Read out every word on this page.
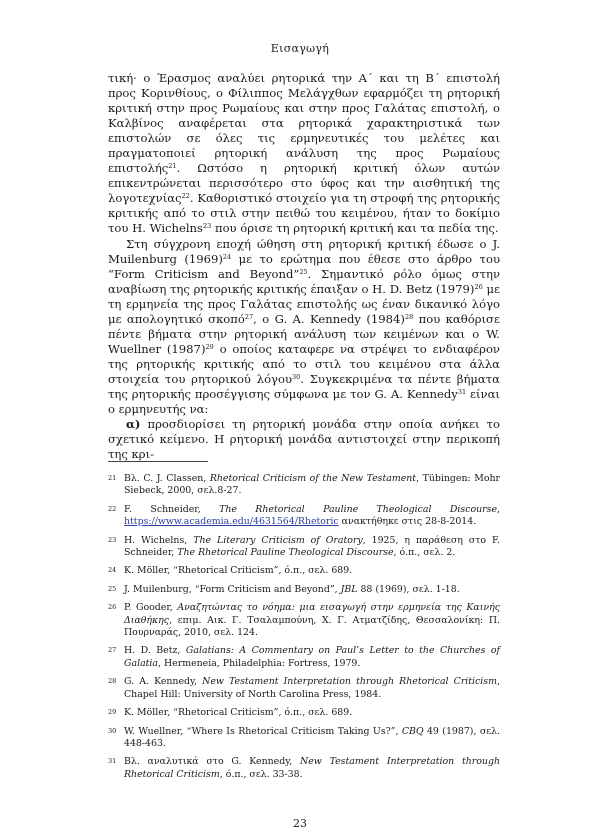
Εισαγωγή

τική· ο Έρασμος αναλύει ρητορικά την Α΄ και τη Β΄ επιστολή προς Κορινθίους, ο Φίλιππος Μελάγχθων εφαρμόζει τη ρητορική κριτική στην προς Ρωμαίους και στην προς Γαλάτας επιστολή, ο Καλβίνος αναφέρεται στα ρητορικά χαρακτηριστικά των επιστολών σε όλες τις ερμηνευτικές του μελέτες και πραγματοποιεί ρητορική ανάλυση της προς Ρωμαίους επιστολής$^{21}$. Ωστόσο η ρητορική κριτική όλων αυτών επικεντρώνεται περισσότερο στο ύφος και την αισθητική της λογοτεχνίας$^{22}$. Καθοριστικό στοιχείο για τη στροφή της ρητορικής κριτικής από το στιλ στην πειθώ του κειμένου, ήταν το δοκίμιο του H. Wichelns$^{23}$ που όρισε τη ρητορική κριτική και τα πεδία της.

Στη σύγχρονη εποχή ώθηση στη ρητορική κριτική έδωσε ο J. Muilenburg $(1969)^{24}$ με το ερώτημα που έθεσε στο άρθρο του “Form Criticism and Beyond”$^{25}$. Σημαντικό ρόλο όμως στην αναβίωση της ρητορικής κριτικής έπαιξαν ο H. D. Betz $(1979)^{26}$ με τη ερμηνεία της προς Γαλάτας επιστολής ως έναν δικανικό λόγο με απολογητικό σκοπό$^{27}$, ο G. A. Kennedy $(1984)^{28}$ που καθόρισε πέντε βήματα στην ρητορική ανάλυση των κειμένων και ο W. Wuellner $(1987)^{29}$ ο οποίος καταφερε να στρέψει το ενδιαφέρον της ρητορικής κριτικής από το στιλ του κειμένου στα άλλα στοιχεία του ρητορικού λόγου$^{30}$. Συγκεκριμένα τα πέντε βήματα της ρητορικής προσέγγισης σύμφωνα με τον G. A. Kennedy$^{31}$ είναι ο ερμηνευτής να:

α) προσδιορίσει τη ρητορική μονάδα στην οποία ανήκει το σχετικό κείμενο. Η ρητορική μονάδα αντιστοιχεί στην περικοπή της κρι-

21 Βλ. C. J. Classen, Rhetorical Criticism of the New Testament, Tübingen: Mohr Siebeck, 2000, σελ.8-27.
22 F. Schneider, The Rhetorical Pauline Theological Discourse, https://www.academia.edu/4631564/Rhetoric ανακτήθηκε στις 28-8-2014.
23 H. Wichelns, The Literary Criticism of Oratory, 1925, η παράθεση στο F. Schneider, The Rhetorical Pauline Theological Discourse, ό.π., σελ. 2.
24 K. Möller, “Rhetorical Criticism”, ό.π., σελ. 689.
25 J. Muilenburg, “Form Criticism and Beyond”, JBL 88 (1969), σελ. 1-18.
26 P. Gooder, Αναζητώντας το νόημα: μια εισαγωγή στην ερμηνεία της Καινής Διαθήκης, επιμ. Αικ. Γ. Τσαλαμπούνη, Χ. Γ. Ατματζίδης, Θεσσαλονίκη: Π. Πουρναράς, 2010, σελ. 124.
27 H. D. Betz, Galatians: A Commentary on Paul’s Letter to the Churches of Galatia, Hermeneia, Philadelphia: Fortress, 1979.
28 G. A. Kennedy, New Testament Interpretation through Rhetorical Criticism, Chapel Hill: University of North Carolina Press, 1984.
29 K. Möller, “Rhetorical Criticism”, ό.π., σελ. 689.
30 W. Wuellner, “Where Is Rhetorical Criticism Taking Us?”, CBQ 49 (1987), σελ. 448-463.
31 Βλ. αναλυτικά στο G. Kennedy, New Testament Interpretation through Rhetorical Criticism, ό.π., σελ. 33-38.
23
